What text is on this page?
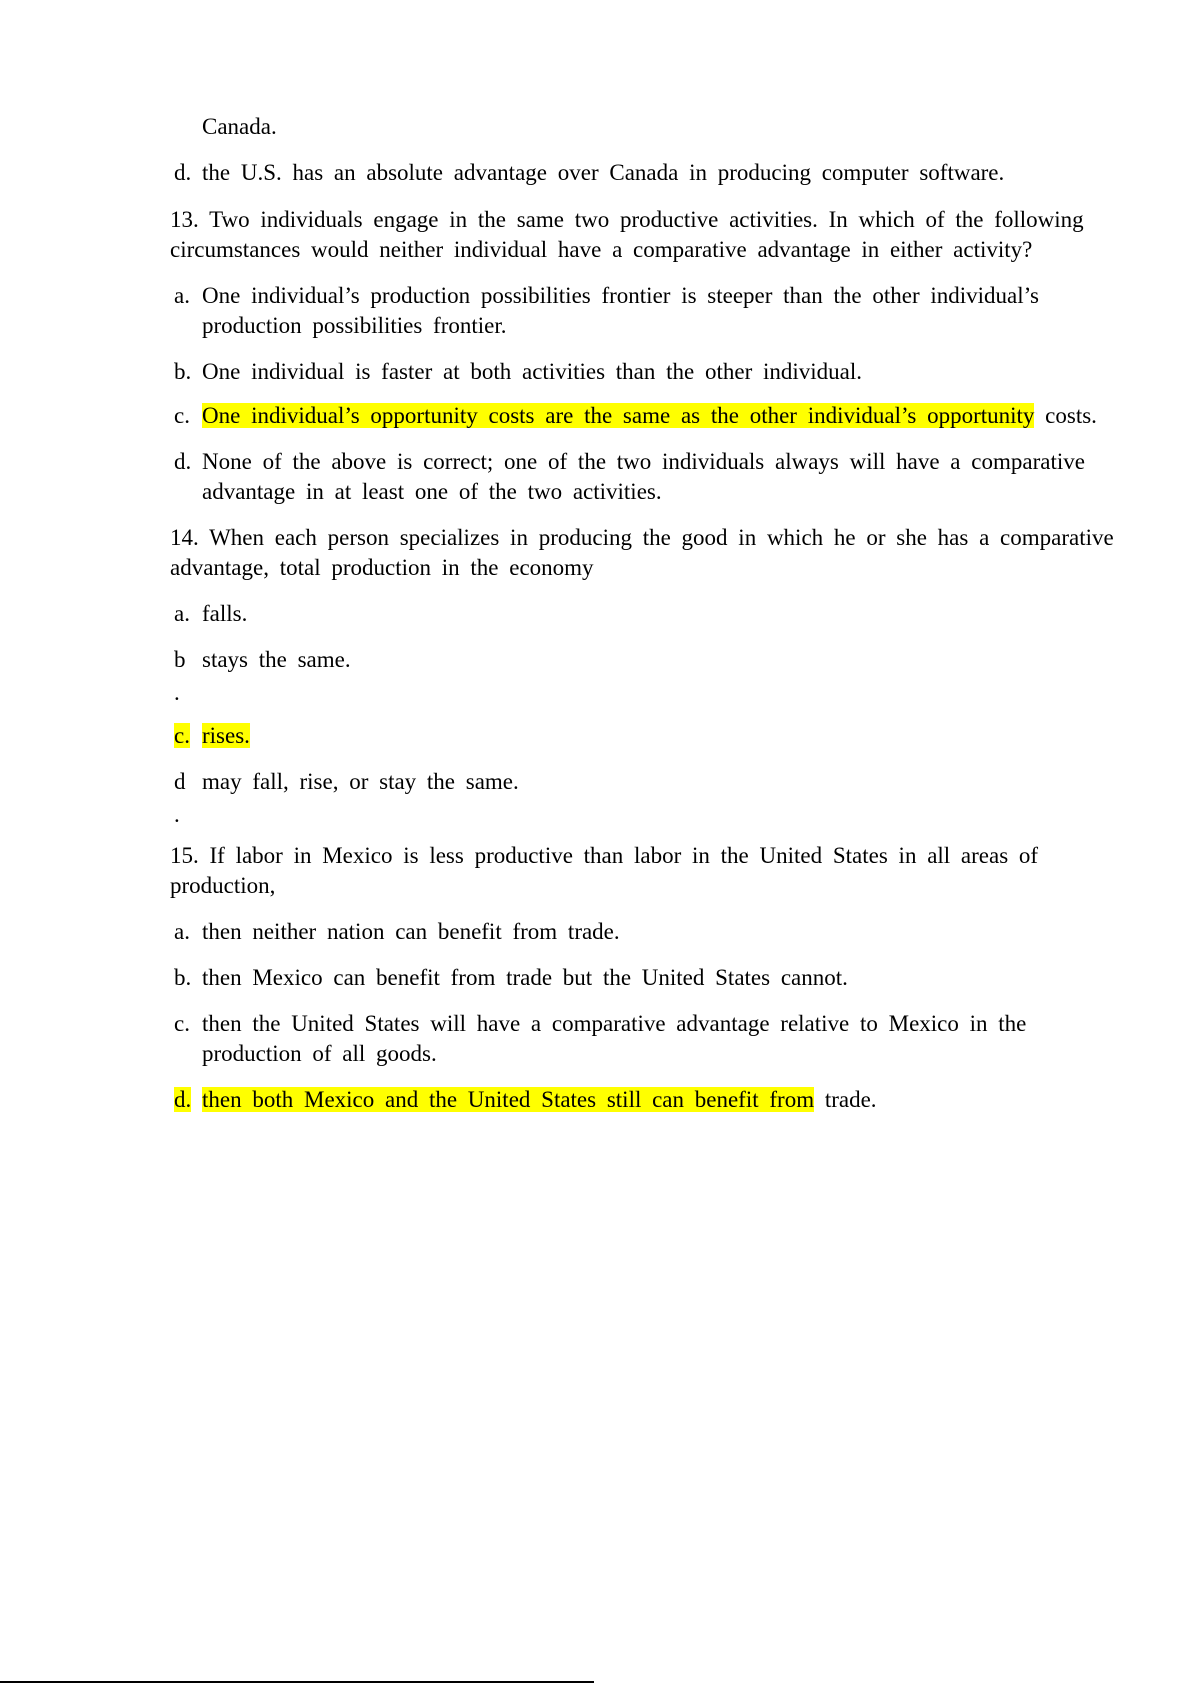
Canada.
d. the U.S. has an absolute advantage over Canada in producing computer software.
13. Two individuals engage in the same two productive activities. In which of the following
circumstances would neither individual have a comparative advantage in either activity?
a. One individual’s production possibilities frontier is steeper than the other individual’s
production possibilities frontier.
b. One individual is faster at both activities than the other individual.
c. One individual’s opportunity costs are the same as the other individual’s opportunity costs.
d. None of the above is correct; one of the two individuals always will have a comparative
advantage in at least one of the two activities.
14. When each person specializes in producing the good in which he or she has a comparative
advantage, total production in the economy
a. falls.
b stays the same.
.
c. rises.
d may fall, rise, or stay the same.
.
15. If labor in Mexico is less productive than labor in the United States in all areas of
production,
a. then neither nation can benefit from trade.
b. then Mexico can benefit from trade but the United States cannot.
c. then the United States will have a comparative advantage relative to Mexico in the
production of all goods.
d. then both Mexico and the United States still can benefit from trade.
